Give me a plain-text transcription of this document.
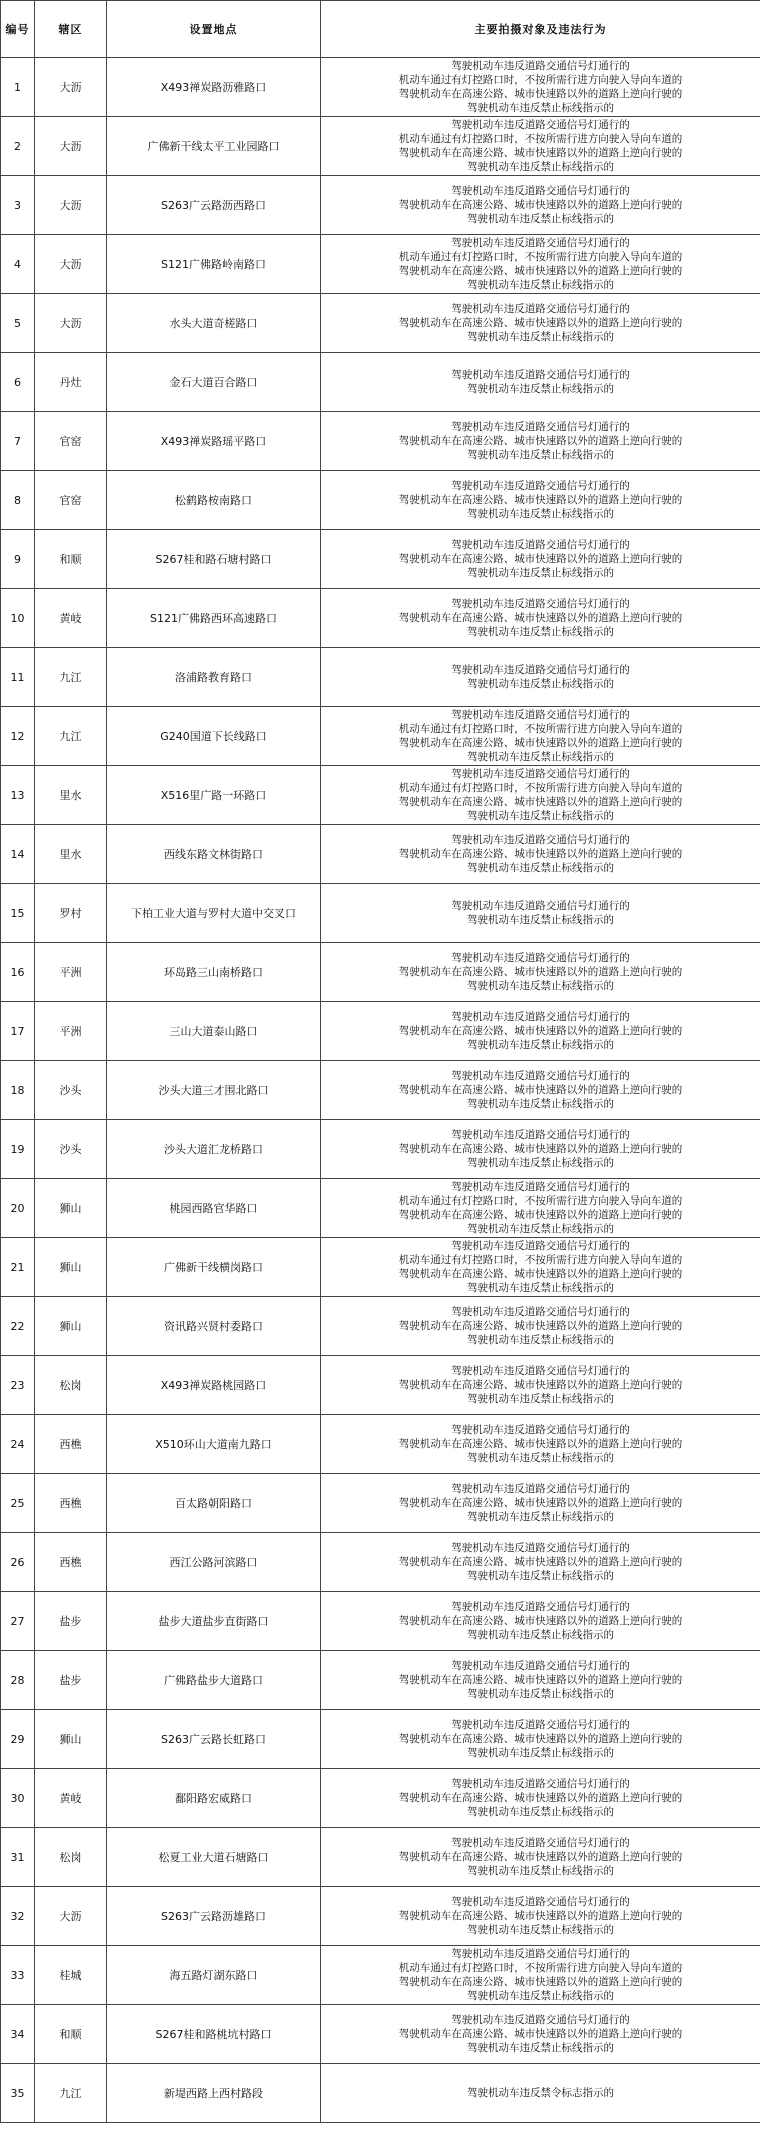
编号	辖区	设置地点	主要拍摄对象及违法行为
1	大沥	X493禅炭路沥雅路口	驾驶机动车违反道路交通信号灯通行的
机动车通过有灯控路口时，不按所需行进方向驶入导向车道的
驾驶机动车在高速公路、城市快速路以外的道路上逆向行驶的
驾驶机动车违反禁止标线指示的

2	大沥	广佛新干线太平工业园路口	驾驶机动车违反道路交通信号灯通行的
机动车通过有灯控路口时，不按所需行进方向驶入导向车道的
驾驶机动车在高速公路、城市快速路以外的道路上逆向行驶的
驾驶机动车违反禁止标线指示的

3	大沥	S263广云路沥西路口	驾驶机动车违反道路交通信号灯通行的
驾驶机动车在高速公路、城市快速路以外的道路上逆向行驶的
驾驶机动车违反禁止标线指示的

4	大沥	S121广佛路岭南路口	驾驶机动车违反道路交通信号灯通行的
机动车通过有灯控路口时，不按所需行进方向驶入导向车道的
驾驶机动车在高速公路、城市快速路以外的道路上逆向行驶的
驾驶机动车违反禁止标线指示的

5	大沥	水头大道奇槎路口	驾驶机动车违反道路交通信号灯通行的
驾驶机动车在高速公路、城市快速路以外的道路上逆向行驶的
驾驶机动车违反禁止标线指示的

6	丹灶	金石大道百合路口	驾驶机动车违反道路交通信号灯通行的
驾驶机动车违反禁止标线指示的

7	官窑	X493禅炭路瑶平路口	驾驶机动车违反道路交通信号灯通行的
驾驶机动车在高速公路、城市快速路以外的道路上逆向行驶的
驾驶机动车违反禁止标线指示的

8	官窑	松鹤路桉南路口	驾驶机动车违反道路交通信号灯通行的
驾驶机动车在高速公路、城市快速路以外的道路上逆向行驶的
驾驶机动车违反禁止标线指示的

9	和顺	S267桂和路石塘村路口	驾驶机动车违反道路交通信号灯通行的
驾驶机动车在高速公路、城市快速路以外的道路上逆向行驶的
驾驶机动车违反禁止标线指示的

10	黄岐	S121广佛路西环高速路口	驾驶机动车违反道路交通信号灯通行的
驾驶机动车在高速公路、城市快速路以外的道路上逆向行驶的
驾驶机动车违反禁止标线指示的

11	九江	洛浦路教育路口	驾驶机动车违反道路交通信号灯通行的
驾驶机动车违反禁止标线指示的

12	九江	G240国道下长线路口	驾驶机动车违反道路交通信号灯通行的
机动车通过有灯控路口时，不按所需行进方向驶入导向车道的
驾驶机动车在高速公路、城市快速路以外的道路上逆向行驶的
驾驶机动车违反禁止标线指示的

13	里水	X516里广路一环路口	驾驶机动车违反道路交通信号灯通行的
机动车通过有灯控路口时，不按所需行进方向驶入导向车道的
驾驶机动车在高速公路、城市快速路以外的道路上逆向行驶的
驾驶机动车违反禁止标线指示的

14	里水	西线东路文林街路口	驾驶机动车违反道路交通信号灯通行的
驾驶机动车在高速公路、城市快速路以外的道路上逆向行驶的
驾驶机动车违反禁止标线指示的

15	罗村	下柏工业大道与罗村大道中交叉口	驾驶机动车违反道路交通信号灯通行的
驾驶机动车违反禁止标线指示的

16	平洲	环岛路三山南桥路口	驾驶机动车违反道路交通信号灯通行的
驾驶机动车在高速公路、城市快速路以外的道路上逆向行驶的
驾驶机动车违反禁止标线指示的

17	平洲	三山大道泰山路口	驾驶机动车违反道路交通信号灯通行的
驾驶机动车在高速公路、城市快速路以外的道路上逆向行驶的
驾驶机动车违反禁止标线指示的

18	沙头	沙头大道三才围北路口	驾驶机动车违反道路交通信号灯通行的
驾驶机动车在高速公路、城市快速路以外的道路上逆向行驶的
驾驶机动车违反禁止标线指示的

19	沙头	沙头大道汇龙桥路口	驾驶机动车违反道路交通信号灯通行的
驾驶机动车在高速公路、城市快速路以外的道路上逆向行驶的
驾驶机动车违反禁止标线指示的

20	狮山	桃园西路官华路口	驾驶机动车违反道路交通信号灯通行的
机动车通过有灯控路口时，不按所需行进方向驶入导向车道的
驾驶机动车在高速公路、城市快速路以外的道路上逆向行驶的
驾驶机动车违反禁止标线指示的

21	狮山	广佛新干线横岗路口	驾驶机动车违反道路交通信号灯通行的
机动车通过有灯控路口时，不按所需行进方向驶入导向车道的
驾驶机动车在高速公路、城市快速路以外的道路上逆向行驶的
驾驶机动车违反禁止标线指示的

22	狮山	资讯路兴贤村委路口	驾驶机动车违反道路交通信号灯通行的
驾驶机动车在高速公路、城市快速路以外的道路上逆向行驶的
驾驶机动车违反禁止标线指示的

23	松岗	X493禅炭路桃园路口	驾驶机动车违反道路交通信号灯通行的
驾驶机动车在高速公路、城市快速路以外的道路上逆向行驶的
驾驶机动车违反禁止标线指示的

24	西樵	X510环山大道南九路口	驾驶机动车违反道路交通信号灯通行的
驾驶机动车在高速公路、城市快速路以外的道路上逆向行驶的
驾驶机动车违反禁止标线指示的

25	西樵	百太路朝阳路口	驾驶机动车违反道路交通信号灯通行的
驾驶机动车在高速公路、城市快速路以外的道路上逆向行驶的
驾驶机动车违反禁止标线指示的

26	西樵	西江公路河滨路口	驾驶机动车违反道路交通信号灯通行的
驾驶机动车在高速公路、城市快速路以外的道路上逆向行驶的
驾驶机动车违反禁止标线指示的

27	盐步	盐步大道盐步直街路口	驾驶机动车违反道路交通信号灯通行的
驾驶机动车在高速公路、城市快速路以外的道路上逆向行驶的
驾驶机动车违反禁止标线指示的

28	盐步	广佛路盐步大道路口	驾驶机动车违反道路交通信号灯通行的
驾驶机动车在高速公路、城市快速路以外的道路上逆向行驶的
驾驶机动车违反禁止标线指示的

29	狮山	S263广云路长虹路口	驾驶机动车违反道路交通信号灯通行的
驾驶机动车在高速公路、城市快速路以外的道路上逆向行驶的
驾驶机动车违反禁止标线指示的

30	黄岐	鄱阳路宏威路口	驾驶机动车违反道路交通信号灯通行的
驾驶机动车在高速公路、城市快速路以外的道路上逆向行驶的
驾驶机动车违反禁止标线指示的

31	松岗	松夏工业大道石塘路口	驾驶机动车违反道路交通信号灯通行的
驾驶机动车在高速公路、城市快速路以外的道路上逆向行驶的
驾驶机动车违反禁止标线指示的

32	大沥	S263广云路沥雄路口	驾驶机动车违反道路交通信号灯通行的
驾驶机动车在高速公路、城市快速路以外的道路上逆向行驶的
驾驶机动车违反禁止标线指示的

33	桂城	海五路灯湖东路口	驾驶机动车违反道路交通信号灯通行的
机动车通过有灯控路口时，不按所需行进方向驶入导向车道的
驾驶机动车在高速公路、城市快速路以外的道路上逆向行驶的
驾驶机动车违反禁止标线指示的

34	和顺	S267桂和路桃坑村路口	驾驶机动车违反道路交通信号灯通行的
驾驶机动车在高速公路、城市快速路以外的道路上逆向行驶的
驾驶机动车违反禁止标线指示的

35	九江	新堤西路上西村路段	驾驶机动车违反禁令标志指示的
